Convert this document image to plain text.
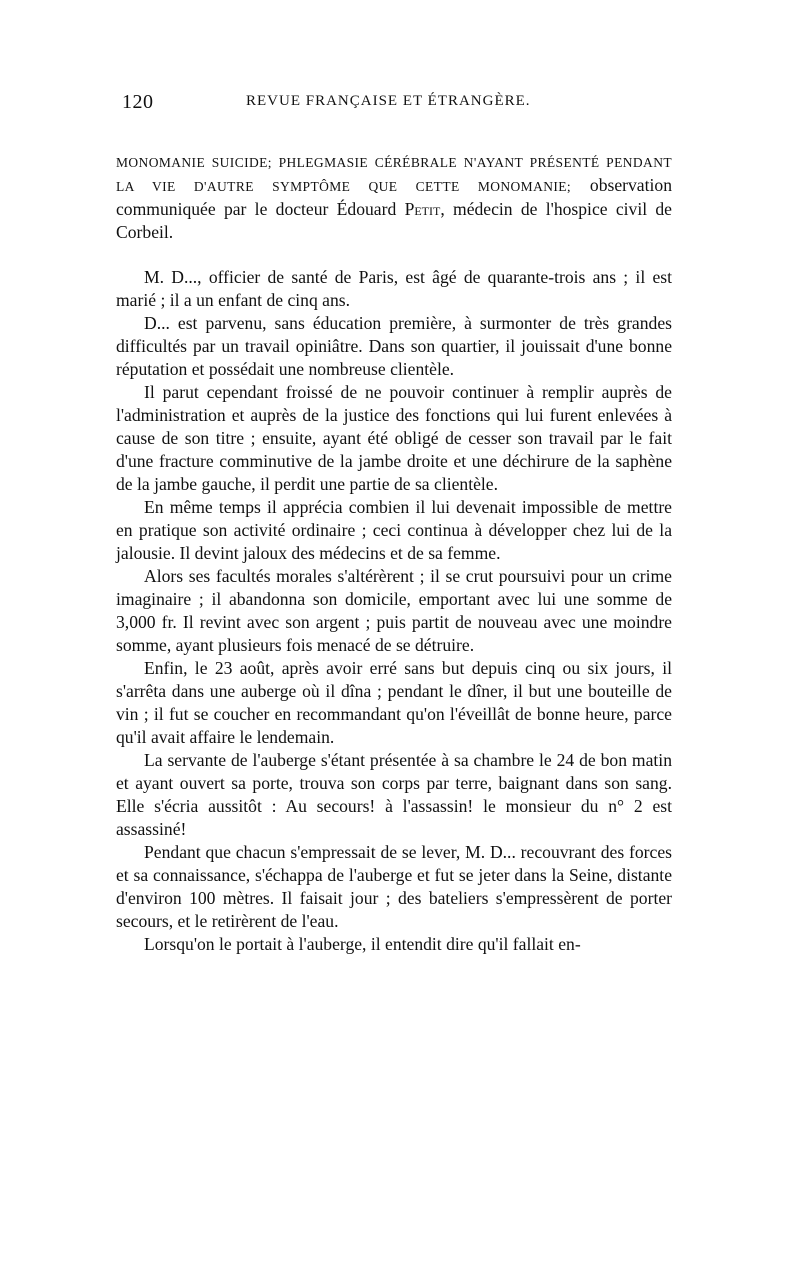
120	REVUE FRANÇAISE ET ÉTRANGÈRE.

MONOMANIE SUICIDE; PHLEGMASIE CÉRÉBRALE N'AYANT PRÉSENTÉ PENDANT LA VIE D'AUTRE SYMPTÔME QUE CETTE MONOMANIE; observation communiquée par le docteur Édouard Petit, médecin de l'hospice civil de Corbeil.

M. D..., officier de santé de Paris, est âgé de quarante-trois ans ; il est marié ; il a un enfant de cinq ans.

D... est parvenu, sans éducation première, à surmonter de très grandes difficultés par un travail opiniâtre. Dans son quartier, il jouissait d'une bonne réputation et possédait une nombreuse clientèle.

Il parut cependant froissé de ne pouvoir continuer à remplir auprès de l'administration et auprès de la justice des fonctions qui lui furent enlevées à cause de son titre ; ensuite, ayant été obligé de cesser son travail par le fait d'une fracture comminutive de la jambe droite et une déchirure de la saphène de la jambe gauche, il perdit une partie de sa clientèle.

En même temps il apprécia combien il lui devenait impossible de mettre en pratique son activité ordinaire ; ceci continua à développer chez lui de la jalousie. Il devint jaloux des médecins et de sa femme.

Alors ses facultés morales s'altérèrent ; il se crut poursuivi pour un crime imaginaire ; il abandonna son domicile, emportant avec lui une somme de 3,000 fr. Il revint avec son argent ; puis partit de nouveau avec une moindre somme, ayant plusieurs fois menacé de se détruire.

Enfin, le 23 août, après avoir erré sans but depuis cinq ou six jours, il s'arrêta dans une auberge où il dîna ; pendant le dîner, il but une bouteille de vin ; il fut se coucher en recommandant qu'on l'éveillât de bonne heure, parce qu'il avait affaire le lendemain.

La servante de l'auberge s'étant présentée à sa chambre le 24 de bon matin et ayant ouvert sa porte, trouva son corps par terre, baignant dans son sang. Elle s'écria aussitôt : Au secours! à l'assassin! le monsieur du n° 2 est assassiné!

Pendant que chacun s'empressait de se lever, M. D... recouvrant des forces et sa connaissance, s'échappa de l'auberge et fut se jeter dans la Seine, distante d'environ 100 mètres. Il faisait jour ; des bateliers s'empressèrent de porter secours, et le retirèrent de l'eau.

Lorsqu'on le portait à l'auberge, il entendit dire qu'il fallait en-
